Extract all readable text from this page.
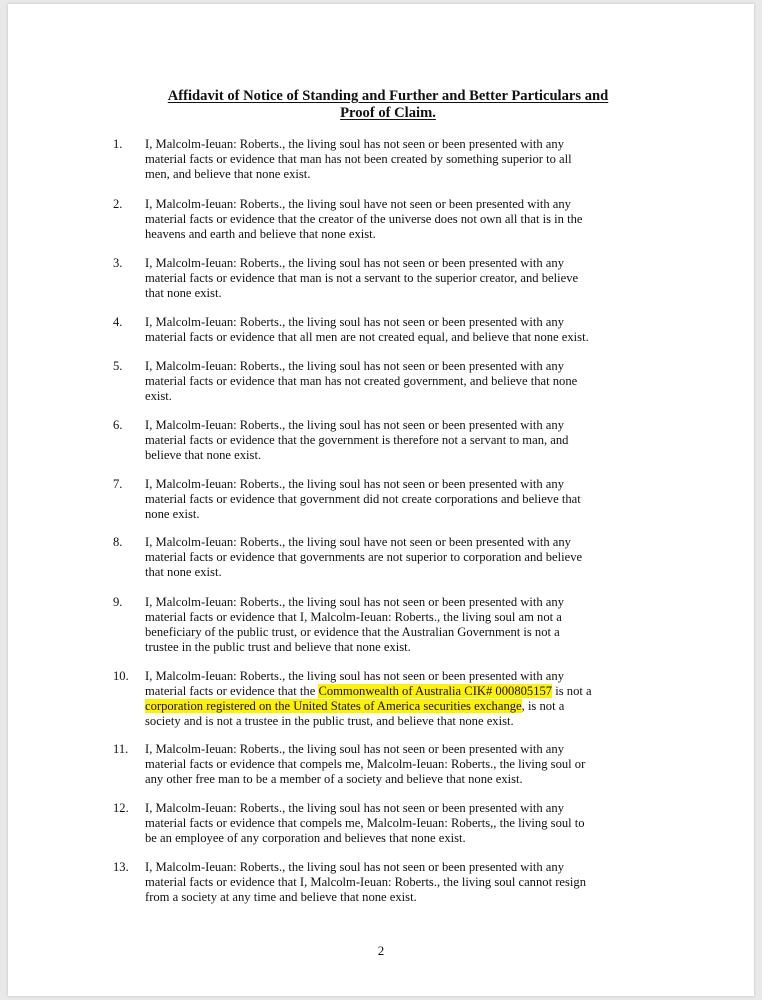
Affidavit of Notice of Standing and Further and Better Particulars and
Proof of Claim.
1.	I, Malcolm-Ieuan: Roberts., the living soul has not seen or been presented with any
material facts or evidence that man has not been created by something superior to all
men, and believe that none exist.
2.	I, Malcolm-Ieuan: Roberts., the living soul have not seen or been presented with any
material facts or evidence that the creator of the universe does not own all that is in the
heavens and earth and believe that none exist.
3.	I, Malcolm-Ieuan: Roberts., the living soul has not seen or been presented with any
material facts or evidence that man is not a servant to the superior creator, and believe
that none exist.
4.	I, Malcolm-Ieuan: Roberts., the living soul has not seen or been presented with any
material facts or evidence that all men are not created equal, and believe that none exist.
5.	I, Malcolm-Ieuan: Roberts., the living soul has not seen or been presented with any
material facts or evidence that man has not created government, and believe that none
exist.
6.	I, Malcolm-Ieuan: Roberts., the living soul has not seen or been presented with any
material facts or evidence that the government is therefore not a servant to man, and
believe that none exist.
7.	I, Malcolm-Ieuan: Roberts., the living soul has not seen or been presented with any
material facts or evidence that government did not create corporations and believe that
none exist.
8.	I, Malcolm-Ieuan: Roberts., the living soul have not seen or been presented with any
material facts or evidence that governments are not superior to corporation and believe
that none exist.
9.	I, Malcolm-Ieuan: Roberts., the living soul has not seen or been presented with any
material facts or evidence that I, Malcolm-Ieuan: Roberts., the living soul am not a
beneficiary of the public trust, or evidence that the Australian Government is not a
trustee in the public trust and believe that none exist.
10.	I, Malcolm-Ieuan: Roberts., the living soul has not seen or been presented with any
material facts or evidence that the Commonwealth of Australia CIK# 000805157 is not a
corporation registered on the United States of America securities exchange, is not a
society and is not a trustee in the public trust, and believe that none exist.
11.	I, Malcolm-Ieuan: Roberts., the living soul has not seen or been presented with any
material facts or evidence that compels me, Malcolm-Ieuan: Roberts., the living soul or
any other free man to be a member of a society and believe that none exist.
12.	I, Malcolm-Ieuan: Roberts., the living soul has not seen or been presented with any
material facts or evidence that compels me, Malcolm-Ieuan: Roberts,, the living soul to
be an employee of any corporation and believes that none exist.
13.	I, Malcolm-Ieuan: Roberts., the living soul has not seen or been presented with any
material facts or evidence that I, Malcolm-Ieuan: Roberts., the living soul cannot resign
from a society at any time and believe that none exist.
2
